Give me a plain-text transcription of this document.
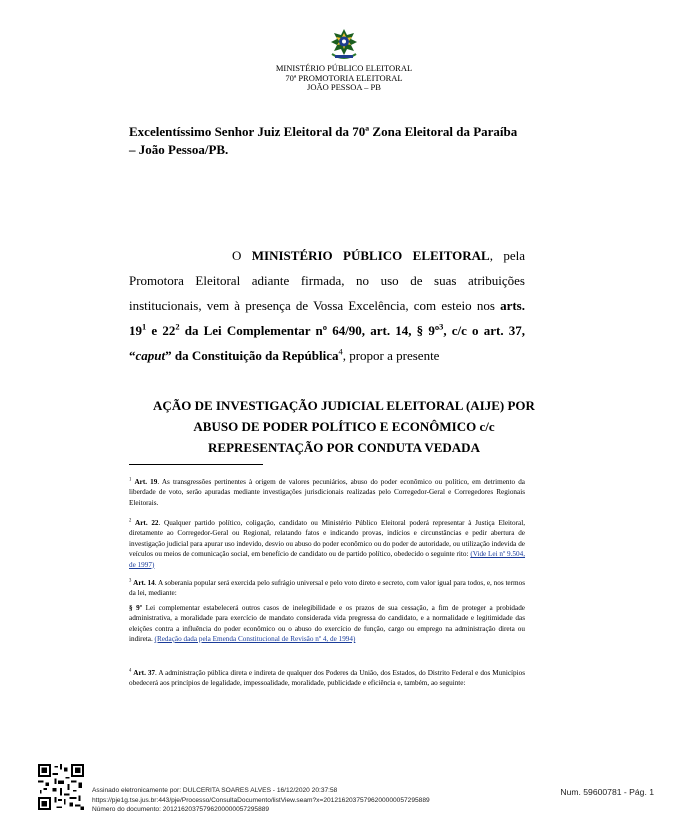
MINISTÉRIO PÚBLICO ELEITORAL
70ª PROMOTORIA ELEITORAL
JOÃO PESSOA – PB
Excelentíssimo Senhor Juiz Eleitoral da 70ª Zona Eleitoral da Paraíba
– João Pessoa/PB.

O MINISTÉRIO PÚBLICO ELEITORAL, pela Promotora Eleitoral adiante firmada, no uso de suas atribuições institucionais, vem à presença de Vossa Excelência, com esteio nos arts. $19^1$ e $22^2$ da Lei Complementar nº 64/90, art. 14, § 9º$^3$, c/c o art. 37, “caput” da Constituição da República$^4$, propor a presente

AÇÃO DE INVESTIGAÇÃO JUDICIAL ELEITORAL (AIJE) POR
ABUSO DE PODER POLÍTICO E ECONÔMICO c/c
REPRESENTAÇÃO POR CONDUTA VEDADA

$^1$ Art. 19. As transgressões pertinentes à origem de valores pecuniários, abuso do poder econômico ou político, em detrimento da liberdade de voto, serão apuradas mediante investigações jurisdicionais realizadas pelo Corregedor-Geral e Corregedores Regionais Eleitorais.

$^2$ Art. 22. Qualquer partido político, coligação, candidato ou Ministério Público Eleitoral poderá representar à Justiça Eleitoral, diretamente ao Corregedor-Geral ou Regional, relatando fatos e indicando provas, indícios e circunstâncias e pedir abertura de investigação judicial para apurar uso indevido, desvio ou abuso do poder econômico ou do poder de autoridade, ou utilização indevida de veículos ou meios de comunicação social, em benefício de candidato ou de partido político, obedecido o seguinte rito: (Vide Lei nº 9.504, de 1997)

$^3$ Art. 14. A soberania popular será exercida pelo sufrágio universal e pelo voto direto e secreto, com valor igual para todos, e, nos termos da lei, mediante:

§ 9º Lei complementar estabelecerá outros casos de inelegibilidade e os prazos de sua cessação, a fim de proteger a probidade administrativa, a moralidade para exercício de mandato considerada vida pregressa do candidato, e a normalidade e legitimidade das eleições contra a influência do poder econômico ou o abuso do exercício de função, cargo ou emprego na administração direta ou indireta. (Redação dada pela Emenda Constitucional de Revisão nº 4, de 1994)

$^4$ Art. 37. A administração pública direta e indireta de qualquer dos Poderes da União, dos Estados, do Distrito Federal e dos Municípios obedecerá aos princípios de legalidade, impessoalidade, moralidade, publicidade e eficiência e, também, ao seguinte:

Assinado eletronicamente por: DULCERITA SOARES ALVES - 16/12/2020 20:37:58
https://pje1g.tse.jus.br:443/pje/Processo/ConsultaDocumento/listView.seam?x=20121620375796200000057295889
Número do documento: 20121620375796200000057295889
Num. 59600781 - Pág. 1
